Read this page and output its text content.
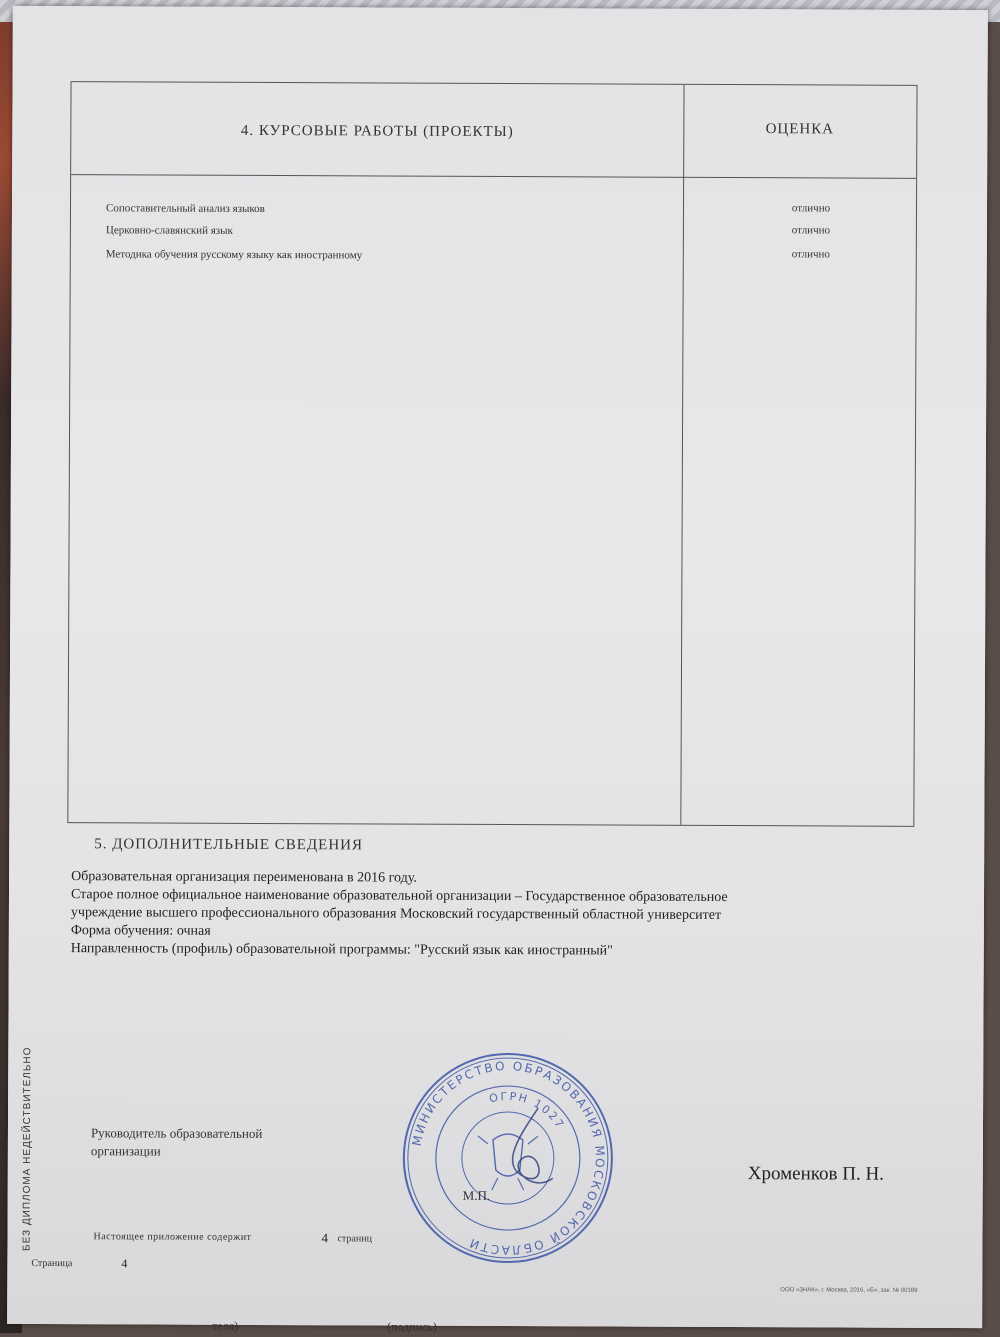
4. КУРСОВЫЕ РАБОТЫ (ПРОЕКТЫ)	ОЦЕНКА
Сопоставительный анализ языков	отлично
Церковно-славянский язык	отлично
Методика обучения русскому языку как иностранному	отлично
5. ДОПОЛНИТЕЛЬНЫЕ СВЕДЕНИЯ
Образовательная организация переименована в 2016 году.
Старое полное официальное наименование образовательной организации – Государственное образовательное
учреждение высшего профессионального образования Московский государственный областной университет
Форма обучения: очная
Направленность (профиль) образовательной программы: "Русский язык как иностранный"
БЕЗ ДИПЛОМА НЕДЕЙСТВИТЕЛЬНО	Руководитель образовательной организации
МИНИСТЕРСТВО ОБРАЗОВАНИЯ МОСКОВСКОЙ ОБЛАСТИ
ОГРН 1027
М.П.
Хроменков П. Н.
Настоящее приложение содержит	4 страниц
Страница	4
ООО «ЗНАК», г. Москва, 2016, «Б», зак. № 00189
теля)	(подпись)
